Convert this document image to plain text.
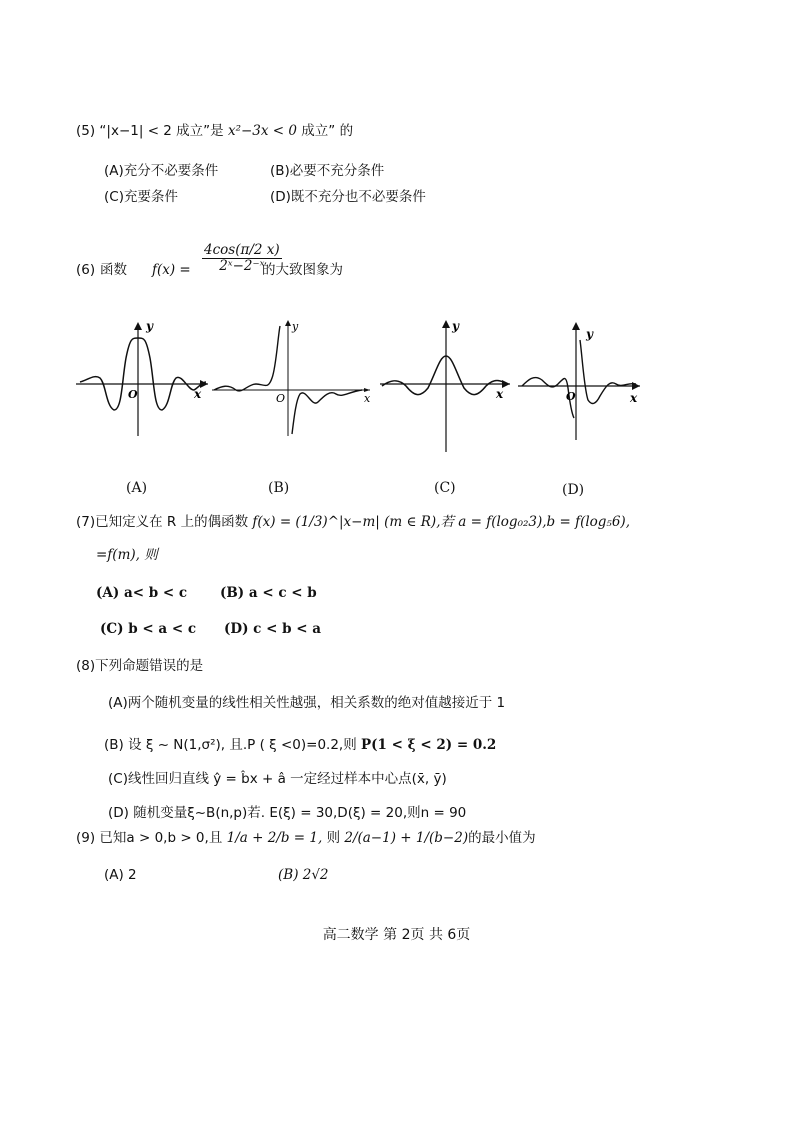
(5) “|x−1| < 2 成立”是 x²−3x < 0 成立” 的
(A)充分不必要条件	(B)必要不充分条件
(C)充要条件	(D)既不充分也不必要条件
(6) 函数 $f(x) = \frac{4\cos(\pi/2 x)}{\text{2ˣ−2⁻ˣ}}$
的大致图象为
y
x
O
y
x
O
y
x
y
x
O
(A)	(B)	(C)	(D)
(7)已知定义在 R 上的偶函数 f(x) = (1/3)^|x−m| (m ∈ R),若 a = f(log₀₂3),b = f(log₅6),
=f(m), 则
(A) a< b < c (B) a < c < b
(C) b < a < c (D) c < b < a
(8)下列命题错误的是
(A)两个随机变量的线性相关性越强，相关系数的绝对值越接近于 1
(B) 设 ξ ~ N(1,σ²), 且.P ( ξ <0)=0.2,则 P(1 < ξ < 2) = 0.2
(C)线性回归直线 ŷ = b̂x + â 一定经过样本中心点(x̄, ȳ)
(D) 随机变量ξ~B(n,p)若. E(ξ) = 30,D(ξ) = 20,则n = 90
(9) 已知a > 0,b > 0,且 1/a + 2/b = 1, 则 2/(a−1) + 1/(b−2)的最小值为
(A) 2	(B) 2√2
高二数学 第 2页 共 6页
